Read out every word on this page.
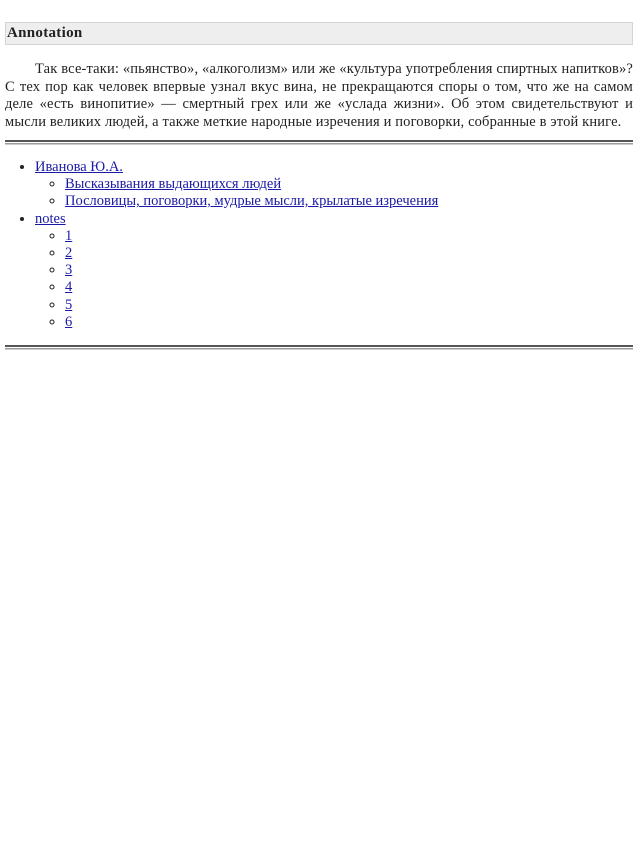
Annotation

Так все-таки: «пьянство», «алкоголизм» или же «культура употребления спиртных напитков»? С тех пор как человек впервые узнал вкус вина, не прекращаются споры о том, что же на самом деле «есть винопитие» — смертный грех или же «услада жизни». Об этом свидетельствуют и мысли великих людей, а также меткие народные изречения и поговорки, собранные в этой книге.

• Иванова Ю.А.
◦ Высказывания выдающихся людей
◦ Пословицы, поговорки, мудрые мысли, крылатые изречения
• notes
◦ 1
◦ 2
◦ 3
◦ 4
◦ 5
◦ 6
